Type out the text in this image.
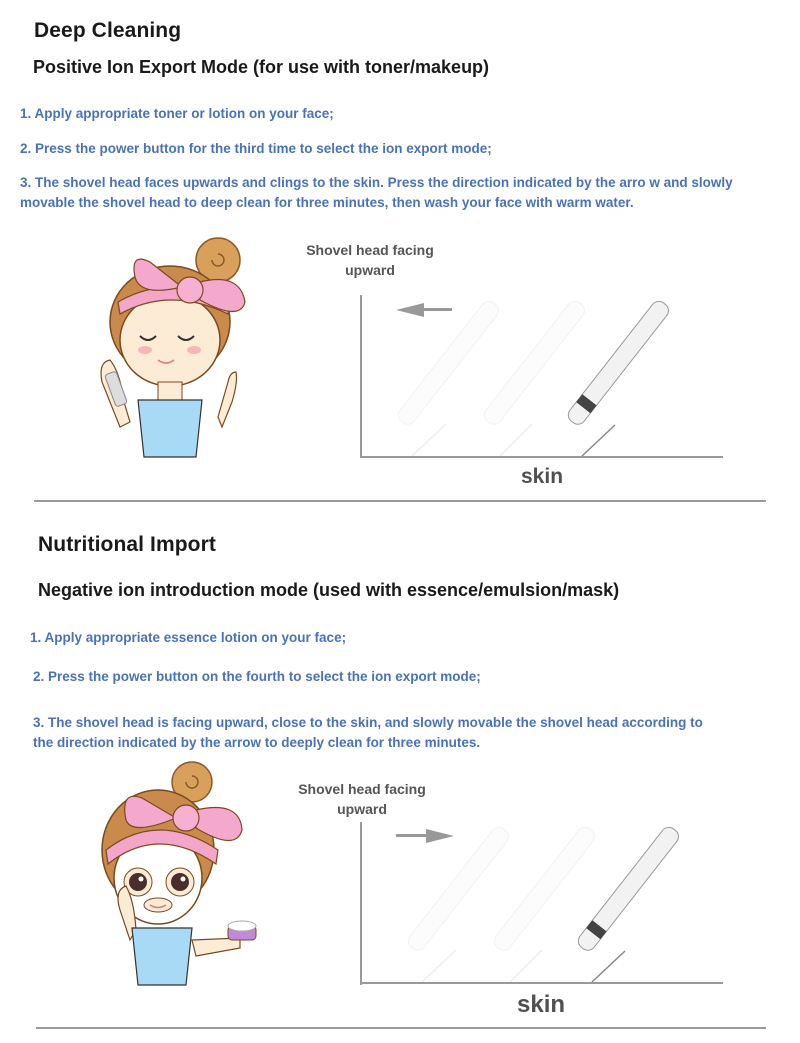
Deep Cleaning
Positive Ion Export Mode (for use with toner/makeup)
1. Apply appropriate toner or lotion on your face;
2. Press the power button for the third time to select the ion export mode;
3. The shovel head faces upwards and clings to the skin. Press the direction indicated by the arro w and slowly movable the shovel head to deep clean for three minutes, then wash your face with warm water.
Shovel head facing upward
skin
Nutritional Import
Negative ion introduction mode (used with essence/emulsion/mask)
1. Apply appropriate essence lotion on your face;
2. Press the power button on the fourth to select the ion export mode;
3. The shovel head is facing upward, close to the skin, and slowly movable the shovel head according to the direction indicated by the arrow to deeply clean for three minutes.
Shovel head facing upward
skin
